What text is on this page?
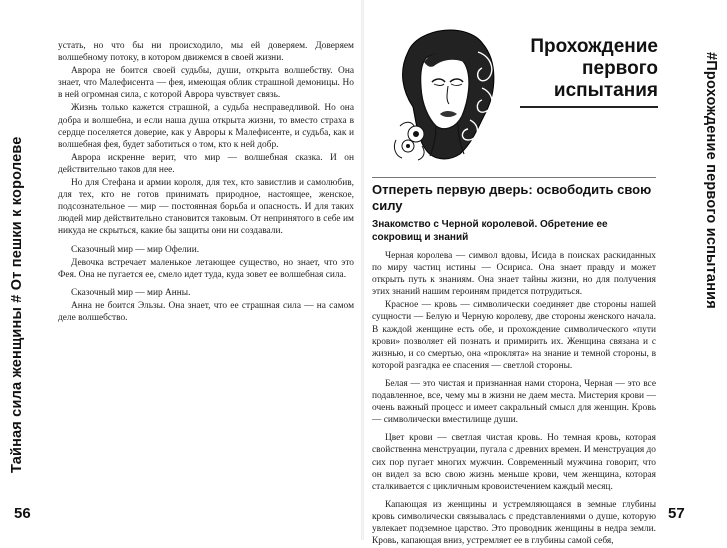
Тайная сила женщины # От пешки к королеве
56

устать, но что бы ни происходило, мы ей доверяем. Доверяем волшебному потоку, в котором движемся в своей жизни.

Аврора не боится своей судьбы, души, открыта волшебству. Она знает, что Малефисента — фея, имеющая облик страшной демоницы. Но в ней огромная сила, с которой Аврора чувствует связь.

Жизнь только кажется страшной, а судьба несправедливой. Но она добра и волшебна, и если наша душа открыта жизни, то вместо страха в сердце поселяется доверие, как у Авроры к Малефисенте, и судьба, как и волшебная фея, будет заботиться о том, кто к ней добр.

Аврора искренне верит, что мир — волшебная сказка. И он действительно таков для нее.

Но для Стефана и армии короля, для тех, кто завистлив и самолюбив, для тех, кто не готов принимать природное, настоящее, женское, подсознательное — мир — постоянная борьба и опасность. И для таких людей мир действительно становится таковым. От непринятого в себе им никуда не скрыться, какие бы защиты они ни создавали.

Сказочный мир — мир Офелии.

Девочка встречает маленькое летающее существо, но знает, что это Фея. Она не пугается ее, смело идет туда, куда зовет ее волшебная сила.

Сказочный мир — мир Анны.

Анна не боится Эльзы. Она знает, что ее страшная сила — на самом деле волшебство.

Прохождение первого испытания
Отпереть первую дверь: освободить свою силу
Знакомство с Черной королевой. Обретение ее сокровищ и знаний

Черная королева — символ вдовы, Исида в поисках раскиданных по миру частиц истины — Осириса. Она знает правду и может открыть путь к знаниям. Она знает тайны жизни, но для получения этих знаний нашим героиням придется потрудиться.

Красное — кровь — символически соединяет две стороны нашей сущности — Белую и Черную королеву, две стороны женского начала. В каждой женщине есть обе, и прохождение символического «пути крови» позволяет ей познать и примирить их. Женщина связана и с жизнью, и со смертью, она «проклята» на знание и темной стороны, в которой разгадка ее спасения — светлой стороны.

Белая — это чистая и признанная нами сторона, Черная — это все подавленное, все, чему мы в жизни не даем места. Мистерия крови — очень важный процесс и имеет сакральный смысл для женщин. Кровь — символически вместилище души.

Цвет крови — светлая чистая кровь. Но темная кровь, которая свойственна менструации, пугала с древних времен. И менструация до сих пор пугает многих мужчин. Современный мужчина говорит, что он видел за всю свою жизнь меньше крови, чем женщина, которая сталкивается с цикличным кровоистечением каждый месяц.

Капающая из женщины и устремляющаяся в земные глубины кровь символически связывалась с представлениями о душе, которую увлекает подземное царство. Это проводник женщины в недра земли. Кровь, капающая вниз, устремляет ее в глубины самой себя,

#Прохождение первого испытания
57
